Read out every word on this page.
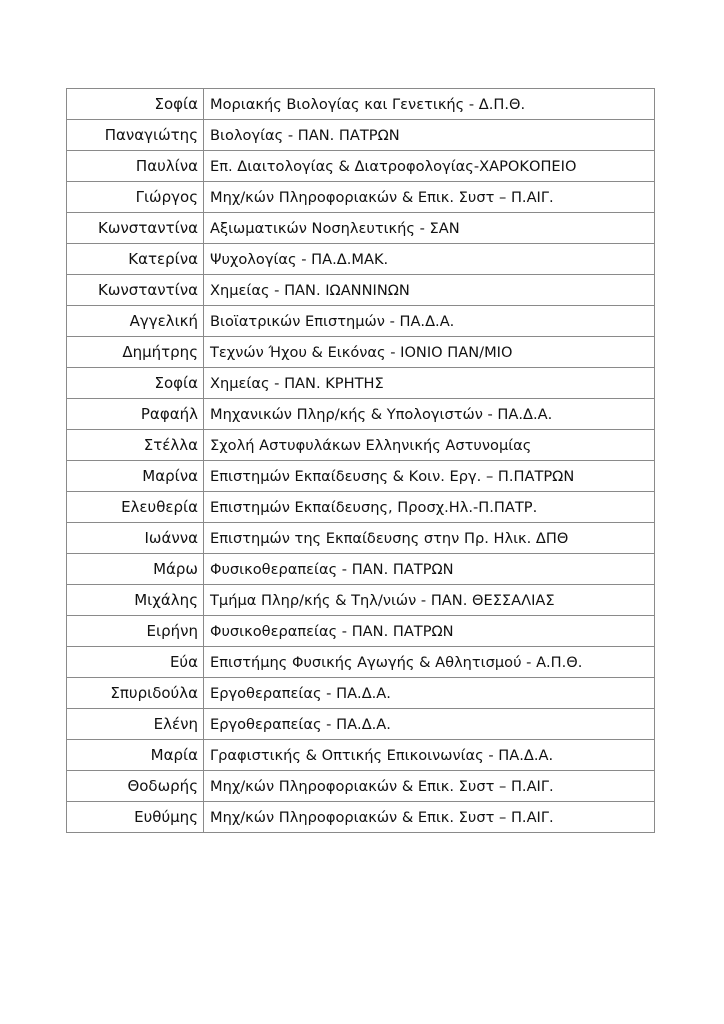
Σοφία	Μοριακής Βιολογίας και Γενετικής - Δ.Π.Θ.
Παναγιώτης	Βιολογίας - ΠΑΝ. ΠΑΤΡΩΝ
Παυλίνα	Επ. Διαιτολογίας & Διατροφολογίας-ΧΑΡΟΚΟΠΕΙΟ
Γιώργος	Μηχ/κών Πληροφοριακών & Επικ. Συστ – Π.ΑΙΓ.
Κωνσταντίνα	Αξιωματικών Νοσηλευτικής - ΣΑΝ
Κατερίνα	Ψυχολογίας - ΠΑ.Δ.ΜΑΚ.
Κωνσταντίνα	Χημείας - ΠΑΝ. ΙΩΑΝΝΙΝΩΝ
Αγγελική	Βιοϊατρικών Επιστημών - ΠΑ.Δ.Α.
Δημήτρης	Τεχνών Ήχου & Εικόνας - ΙΟΝΙΟ ΠΑΝ/ΜΙΟ
Σοφία	Χημείας - ΠΑΝ. ΚΡΗΤΗΣ
Ραφαήλ	Μηχανικών Πληρ/κής & Υπολογιστών - ΠΑ.Δ.Α.
Στέλλα	Σχολή Αστυφυλάκων Ελληνικής Αστυνομίας
Μαρίνα	Επιστημών Εκπαίδευσης & Κοιν. Εργ. – Π.ΠΑΤΡΩΝ
Ελευθερία	Επιστημών Εκπαίδευσης, Προσχ.Ηλ.-Π.ΠΑΤΡ.
Ιωάννα	Επιστημών της Εκπαίδευσης στην Πρ. Ηλικ. ΔΠΘ
Μάρω	Φυσικοθεραπείας - ΠΑΝ. ΠΑΤΡΩΝ
Μιχάλης	Τμήμα Πληρ/κής & Τηλ/νιών - ΠΑΝ. ΘΕΣΣΑΛΙΑΣ
Ειρήνη	Φυσικοθεραπείας - ΠΑΝ. ΠΑΤΡΩΝ
Εύα	Επιστήμης Φυσικής Αγωγής & Αθλητισμού - Α.Π.Θ.
Σπυριδούλα	Εργοθεραπείας - ΠΑ.Δ.Α.
Ελένη	Εργοθεραπείας - ΠΑ.Δ.Α.
Μαρία	Γραφιστικής & Οπτικής Επικοινωνίας - ΠΑ.Δ.Α.
Θοδωρής	Μηχ/κών Πληροφοριακών & Επικ. Συστ – Π.ΑΙΓ.
Ευθύμης	Μηχ/κών Πληροφοριακών & Επικ. Συστ – Π.ΑΙΓ.
